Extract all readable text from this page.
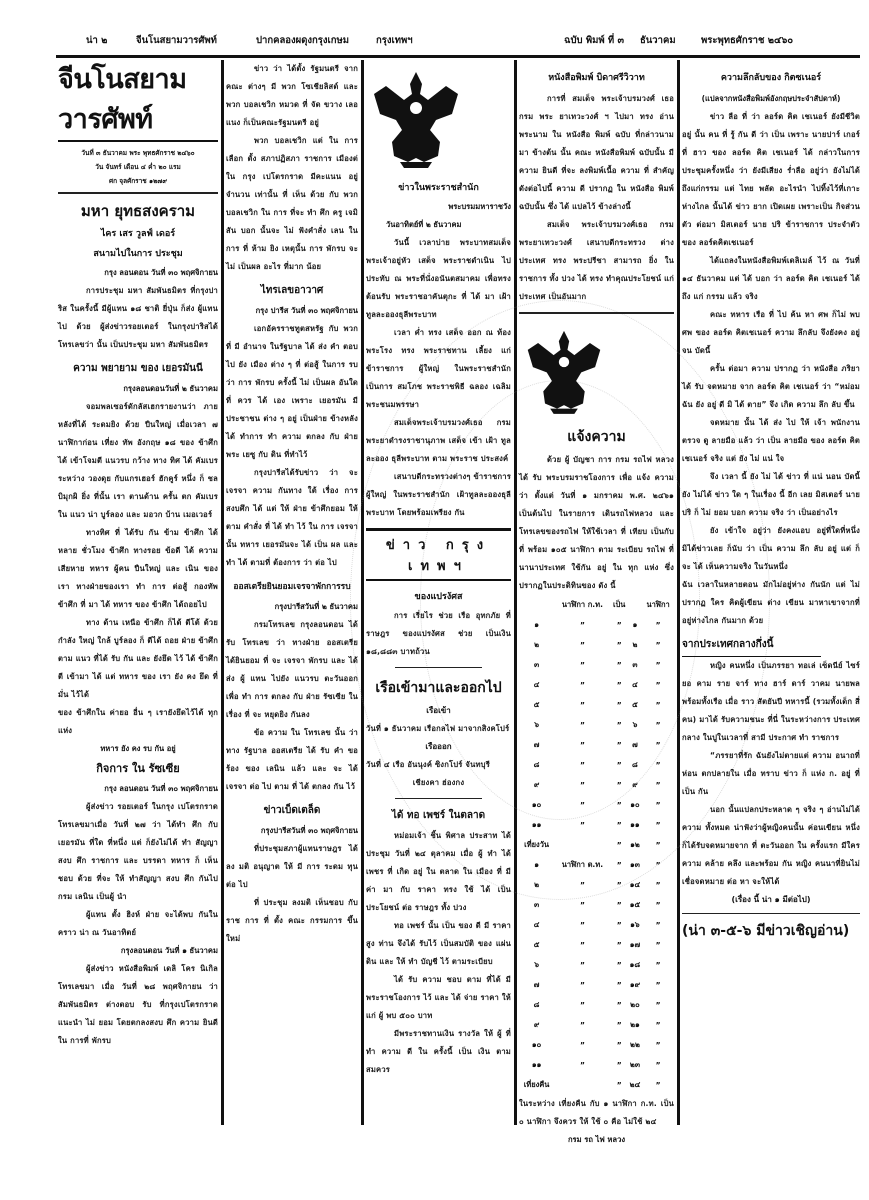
น่า ๒	จีนโนสยามวารศัพท์	ปากคลองผดุงกรุงเกษม	กรุงเทพฯ	ฉบับ พิมพ์ ที่ ๓ ธันวาคม	พระพุทธศักราช ๒๔๖๐
จีนโนสยามวารศัพท์
วันที่ ๓ ธันวาคม พระ พุทธศักราช ๒๔๖๐
วัน จันทร์ เดือน ๔ ค่ำ ๒๐ แรม
ศก จุลศักราช ๑๒๗๙
มหา ยุทธสงคราม
ไคร เสร วูลฟ์ เดอร์
สนามไปในการ ประชุม
กรุง ลอนดอน วันที่ ๓๐ พฤศจิกายน

การประชุม มหา สัมพันธมิตร ที่กรุงปาริส ในครั้งนี้ มีผู้แทน ๑๘ ชาติ ยี่ปุ่น ก็ส่ง ผู้แทนไป ด้วย ผู้ส่งข่าวรอยเตอร์ ในกรุงปาริสได้ โทรเลขว่า นั้น เป็นประชุม มหา สัมพันธมิตร

ความ พยายาม ของ เยอรมันนี
กรุงลอนดอนวันที่ ๒ ธันวาคม

จอมพลเซอร์ดักลัสเฮกรายงานว่า ภายหลังที่ได้ ระดมยิง ด้วย ปืนใหญ่ เมื่อเวลา ๗ นาฬิกาก่อน เที่ยง ทัพ อังกฤษ ๑๘ ของ ข้าศึกได้ เข้าโจมตี แนวรบ กว้าง ทาง ทิศ ได้ คัมเบร ระหว่าง วองดุย กับแกรเฮอร์ ฮักคูร์ หนึ่ง ก็ ชลบิมุกผิ ยิ่ง ที่นั้น เรา ตานด้าน ครั้น ตก คัมเบรใน แนว น่า บูร์ลอง และ มอวก บ้าน เมอเวอร์

ทางทิศ ที่ ได้รับ กัน ข้าม ข้าศึก ได้ หลาย ชั่วโมง ข้าศึก ทางรอย ข้อดี ได้ ความ เสียหาย ทหาร ผู้คน ปืนใหญ่ และ เนิน ของ เรา ทางฝ่ายของเรา ทำ การ ต่อสู้ กองทัพ ข้าศึก ที่ มา ได้ ทหาร ของ ข้าศึก ได้ถอยไป

ทาง ด้าน เหนือ ข้าศึก ก็ได้ ตีโต้ ด้วย กำลัง ใหญ่ ใกล้ บูร์ลอง ก็ ตีได้ ถอย ฝ่าย ข้าศึก ตาม แนว ที่ได้ รับ กัน และ ยังยึด ไว้ ได้ ข้าศึก ตี เข้ามา ได้ แต่ ทหาร ของ เรา ยัง คง ยึด ที่มั่น ไว้ได้

ของ ข้าศึกใน ค่ายอ อื่น ๆ เรายังยึดไว้ได้ ทุก แห่ง

ทหาร ยัง คง รบ กัน อยู่
กิจการ ใน รัซเซีย
กรุง ลอนดอน วันที่ ๓๐ พฤศจิกายน

ผู้ส่งข่าว รอยเตอร์ ในกรุง เปโตรกราด โทรเลขมาเมื่อ วันที่ ๒๗ ว่า ได้ทำ ศึก กับ เยอรมัน ที่ใด ที่หนึ่ง แต่ ก็ยังไม่ได้ ทำ สัญญาสงบ ศึก ราชการ และ บรรดา ทหาร ก็ เห็นชอบ ด้วย ที่จะ ให้ ทำสัญญา สงบ ศึก กันไป กรม เลนิน เป็นผู้ นำ

ผู้แทน ตั้ง ฮิงห์ ฝ่าย จะได้พบ กันในคราว น่า ณ วันอาทิตย์

กรุงลอนดอน วันที่ ๑ ธันวาคม

ผู้ส่งข่าว หนังสือพิมพ์ เดลิ โคร นิเกิล โทรเลขมา เมื่อ วันที่ ๒๘ พฤศจิกายน ว่า สัมพันธมิตร ต่างตอบ รับ ที่กรุงเปโตรกราด แนะนำ ไม่ ยอม โดยตกลงสงบ ศึก ความ ยินดี ใน การที่ พักรบ

ข่าว ว่า ได้ตั้ง รัฐมนตรี จาก คณะ ต่างๆ มี พวก โซเชียลิสต์ และ พวก บอลเชวิก หมวด ที่ จัด ขวาง เลอ แนง ก็เป็นคณะรัฐมนตรี อยู่

พวก บอลเชวิก แต่ ใน การ เลือก ตั้ง สภาปฏิสภา ราชการ เมืองต่ ใน กรุง เปโตรกราด มีคะแนน อยู่ จำนวน เท่านั้น ที่ เห็น ด้วย กับ พวก บอลเชวิก ใน การ ที่จะ ทำ ศึก ครู เจมิสัน บอก นั้นจะ ไม่ ฟังคำสั่ง เลน ใน การ ที่ ห้าม ยิง เหตุนั้น การ พักรบ จะ ไม่ เป็นผล อะไร ที่มาก น้อย

ไทรเลขอาวาศ
กรุง ปารีส วันที่ ๓๐ พฤศจิกายน

เอกอัครราชทูตสหรัฐ กับ พวก ที่ มี อำนาจ ในรัฐบาล ได้ ส่ง คำ ตอบ ไป ยัง เมือง ต่าง ๆ ที่ ต่อสู้ ในการ รบ ว่า การ พักรบ ครั้งนี้ ไม่ เป็นผล อันใด ที่ ควร ได้ เอง เพราะ เยอรมัน มี ประชาชน ต่าง ๆ อยู่ เป็นฝ่าย ข้างหลัง ได้ ทำการ ทำ ความ ตกลง กับ ฝ่ายพระ เยซู กับ ดิน ที่ทำไว้

กรุงปารีสได้รับข่าว ว่า จะ เจรจา ความ กันทาง ใต้ เรื่อง การ สงบศึก ได้ แต่ ให้ ฝ่าย ข้าศึกยอม ให้ตาม คำสั่ง ที่ ได้ ทำ ไว้ ใน การ เจรจา นั้น ทหาร เยอรมันจะ ได้ เป็น ผล และ ทำ ได้ ตามที่ ต้องการ ว่า ต่อ ไป

ออสเตรียยินยอมเจรจาพักการรบ
กรุงปารีสวันที่ ๒ ธันวาคม

กรมโทรเลข กรุงลอนดอน ได้รับ โทรเลข ว่า ทางฝ่าย ออสเตรีย ได้ยินยอม ที่ จะ เจรจา พักรบ และ ได้ ส่ง ผู้ แทน ไปยัง แนวรบ ตะวันออก เพื่อ ทำ การ ตกลง กับ ฝ่าย รัซเซีย ในเรื่อง ที่ จะ หยุดยิง กันลง

ข้อ ความ ใน โทรเลข นั้น ว่า ทาง รัฐบาล ออสเตรีย ได้ รับ คำ ขอ ร้อง ของ เลนิน แล้ว และ จะ ได้ เจรจา ต่อ ไป ตาม ที่ ได้ ตกลง กัน ไว้

ข่าวเบ็ดเตล็ด
กรุงปารีสวันที่ ๓๐ พฤศจิกายน

ที่ประชุมสภาผู้แทนราษฎร ได้ ลง มติ อนุญาต ให้ มี การ ระดม ทุน ต่อ ไป

ที่ ประชุม ลงมติ เห็นชอบ กับ ราช การ ที่ ตั้ง คณะ กรรมการ ขึ้น ใหม่

ข่าวในพระราชสำนัก
พระบรมมหาราชวัง
วันอาทิตย์ที่ ๒ ธันวาคม

วันนี้ เวลาบ่าย พระบาทสมเด็จพระเจ้าอยู่หัว เสด็จ พระราชดำเนิน ไปประทับ ณ พระที่นั่งอนันตสมาคม เพื่อทรงต้อนรับ พระราชอาคันตุกะ ที่ ได้ มา เฝ้า ทูลละอองธุลีพระบาท

เวลา ค่ำ ทรง เสด็จ ออก ณ ท้องพระโรง ทรง พระราชทาน เลี้ยง แก่ ข้าราชการ ผู้ใหญ่ ในพระราชสำนัก เป็นการ สมโภช พระราชพิธี ฉลอง เฉลิม พระชนมพรรษา

สมเด็จพระเจ้าบรมวงศ์เธอ กรมพระยาดำรงราชานุภาพ เสด็จ เข้า เฝ้า ทูลละออง ธุลีพระบาท ตาม พระราช ประสงค์

เสนาบดีกระทรวงต่างๆ ข้าราชการ ผู้ใหญ่ ในพระราชสำนัก เฝ้าทูลละอองธุลีพระบาท โดยพร้อมเพรียง กัน

ข่าว กรุง เทพฯ
ของแปรงัศส

การ เรี่ยไร ช่วย เรือ อุทกภัย ที่ ราษฎร ของแปรงัศส ช่วย เป็นเงิน ๑๘,๘๘๓ บาทถ้วน

เรือเข้ามาและออกไป
เรือเข้า

วันที่ ๑ ธันวาคม เรือกลไฟ มาจากสิงคโปร์

เรือออก

วันที่ ๔ เรือ อันนุงค์ ซิงกโปร์ จันทบุรี

เชียงคา ฮ่องกง

ได้ ทอ เพชร์ ในตลาด

หม่อมเจ้า ชิ้น พิศาล ประสาท ได้ ประชุม วันที่ ๒๔ ตุลาคม เมื่อ ผู้ ทำ ได้ เพชร ที่ เกิด อยู่ ใน ตลาด ใน เมือง ที่ มี ค่า มา กับ ราคา ทรง ใช้ ได้ เป็น ประโยชน์ ต่อ ราษฎร ทั้ง ปวง

ทอ เพชร์ นั้น เป็น ของ ดี มี ราคา สูง ท่าน จึงได้ รับไว้ เป็นสมบัติ ของ แผ่นดิน และ ให้ ทำ บัญชี ไว้ ตามระเบียบ

ได้ รับ ความ ชอบ ตาม ที่ได้ มีพระราชโองการ ไว้ และ ได้ จ่าย ราคา ให้ แก่ ผู้ พบ ๕๐๐ บาท

มีพระราชทานเงิน รางวัล ให้ ผู้ ที่ ทำ ความ ดี ใน ครั้งนี้ เป็น เงิน ตาม สมควร

หนังสือพิมพ์ บิดาศรีวิวาท

การที่ สมเด็จ พระเจ้าบรมวงศ์ เธอ กรม พระ ยาเทวะวงศ์ ฯ ไปมา ทรง อ่าน พระนาม ใน หนังสือ พิมพ์ ฉบับ ที่กล่าวนาม มา ข้างต้น นั้น คณะ หนังสือพิมพ์ ฉบับนั้น มี ความ ยินดี ที่จะ ลงพิมพ์เนื้อ ความ ที่ สำคัญ ดังต่อไปนี้ ความ ดี ปรากฏ ใน หนังสือ พิมพ์ ฉบับนั้น ซึ่ง ได้ แปลไว้ ข้างล่างนี้

สมเด็จ พระเจ้าบรมวงศ์เธอ กรม พระยาเทวะวงศ์ เสนาบดีกระทรวง ต่าง ประเทศ ทรง พระปรีชา สามารถ ยิ่ง ใน ราชการ ทั้ง ปวง ได้ ทรง ทำคุณประโยชน์ แก่ ประเทศ เป็นอันมาก

แจ้งความ

ด้วย ผู้ บัญชา การ กรม รถไฟ หลวง ได้ รับ พระบรมราชโองการ เพื่อ แจ้ง ความ ว่า ตั้งแต่ วันที่ ๑ มกราคม พ.ศ. ๒๔๖๑ เป็นต้นไป ในรายการ เดินรถไฟหลวง และ โทรเลขของรถไฟ ให้ใช้เวลา ที่ เทียบ เป็นกับ ที่ พร้อม ๑๐๕ นาฬิกา ตาม ระเบียบ รถไฟ ที่นานาประเทศ ใช้กัน อยู่ ใน ทุก แห่ง ซึ่ง ปรากฏในประดิทินของ ดัง นี้

	นาฬิกา ก.ท.	เป็น		นาฬิกา
๑	”	”	๑	”
๒	”	”	๒	”
๓	”	”	๓	”
๔	”	”	๔	”
๕	”	”	๕	”
๖	”	”	๖	”
๗	”	”	๗	”
๘	”	”	๘	”
๙	”	”	๙	”
๑๐	”	”	๑๐	”
๑๑	”	”	๑๑	”
เที่ยงวัน		”	๑๒	”
๑	นาฬิกา ต.ท.	”	๑๓	”
๒	”	”	๑๔	”
๓	”	”	๑๕	”
๔	”	”	๑๖	”
๕	”	”	๑๗	”
๖	”	”	๑๘	”
๗	”	”	๑๙	”
๘	”	”	๒๐	”
๙	”	”	๒๑	”
๑๐	”	”	๒๒	”
๑๑	”	”	๒๓	”
เที่ยงคืน		”	๒๔	”

ในระหว่าง เที่ยงคืน กับ ๑ นาฬิกา ก.ท. เป็น ๐ นาฬิกา จึงควร ให้ ใช้ ๐ คือ ไม่ใช้ ๒๔

กรม รถ ไฟ หลวง
ความลึกลับของ กิตซเนอร์
(แปลจากหนังสือพิมพ์อังกฤษประจำสัปดาห์)

ข่าว ลือ ที่ ว่า ลอร์ด คิต เชเนอร์ ยังมีชีวิต อยู่ นั้น คน ที่ รู้ กัน ดี ว่า เป็น เพราะ นายปาร์ เกอร์ ที่ ฮาว ของ ลอร์ด คิต เชเนอร์ ได้ กล่าวในการประชุมครั้งหนึ่ง ว่า ยังมีเสียง ร่ำลือ อยู่ว่า ยังไม่ได้ ถึงแก่กรรม แต่ ไทย พลัด อะไรนำ ไปทิ้งไว้ที่เกาะ ห่างไกล นั้นได้ ข่าว ยาก เปิดเผย เพราะเป็น กิจส่วนตัว ต่อมา มิสเตอร์ นาย ปริ ข้าราชการ ประจำตัว ของ ลอร์ดคิตเชเนอร์

ได้แถลงในหนังสือพิมพ์เดลิเมล์ ไว้ ณ วันที่ ๑๔ ธันวาคม แต่ ได้ บอก ว่า ลอร์ด คิต เชเนอร์ ได้ ถึง แก่ กรรม แล้ว จริง

คณะ ทหาร เรือ ที่ ไป ค้น หา ศพ ก็ไม่ พบ ศพ ของ ลอร์ด คิตเชเนอร์ ความ ลึกลับ จึงยังคง อยู่ จน บัดนี้

ครั้น ต่อมา ความ ปรากฏ ว่า หนังสือ ภริยา ได้ รับ จดหมาย จาก ลอร์ด คิต เชเนอร์ ว่า “หม่อม ฉัน ยัง อยู่ ดี มิ ได้ ตาย” จึง เกิด ความ ลึก ลับ ขึ้น

จดหมาย นั้น ได้ ส่ง ไป ให้ เจ้า พนักงาน ตรวจ ดู ลายมือ แล้ว ว่า เป็น ลายมือ ของ ลอร์ด คิต เชเนอร์ จริง แต่ ยัง ไม่ แน่ ใจ

จึง เวลา นี้ ยัง ไม่ ได้ ข่าว ที่ แน่ นอน บัดนี้ ยัง ไม่ได้ ข่าว ใด ๆ ในเรื่อง นี้ อีก เลย มิสเตอร์ นาย ปริ ก็ ไม่ ยอม บอก ความ จริง ว่า เป็นอย่างไร

ยัง เข้าใจ อยู่ว่า ยังคงแอบ อยู่ที่ใดที่หนึ่ง มิได้ข่าวเลย ก็นับ ว่า เป็น ความ ลึก ลับ อยู่ แต่ ก็ จะ ได้ เห็นความจริง ในวันหนึ่ง

ฉัน เวลาในหลายตอน มักไม่อยู่ห่าง กันนัก แต่ ไม่ปรากฏ ใคร คิดผู้เขียน ต่าง เขียน มาหาเขาจากที่ อยู่ห่างไกล กันมาก ด้วย

จากประเทศกลางกึ่งนี้

หญิง คนหนึ่ง เป็นภรรยา ทอเล่ เซ็ดนีย์ ไซร์ ยอ คาม ราย จาร์ ทาง ฮาร์ ดาร์ วาคม นายพล พร้อมทั้งเรือ เมื่อ ราว สัตยันปี ทหารนี้ (รวมทั้งเด็ก สี่คน) มาได้ รับความชนะ ที่นี่ ในระหว่างการ ประเทศ กลาง ในปูในเวลาที่ สามี ประกาศ ทำ ราชการ

“ภรรยาที่รัก ฉันยังไม่ตายแต่ ความ อนาถที่ ห่อน ตกปลายใน เมื่อ ทราบ ข่าว ก็ แห่ง ก. อยู่ ที่ เป็น กัน

นอก นั้นแปลกประหลาด ๆ จริง ๆ อ่านไม่ได้ ความ ทั้งหมด น่าฟังว่าผู้หญิงคนนั้น ค่อนเขียน หนึ่ง ก็ได้รับจดหมายจาก ที่ ตะวันออก ใน ครั้งแรก มีใคร ความ คล้าย คลึง และพร้อม กัน หญิง คนนาที่ยินไม่เชื่อจดหมาย ต่อ หา จะให้ได้

(เรื่อง นี้ น่า ๑ มีต่อไป)
(น่า ๓-๕-๖ มีข่าวเชิญอ่าน)
